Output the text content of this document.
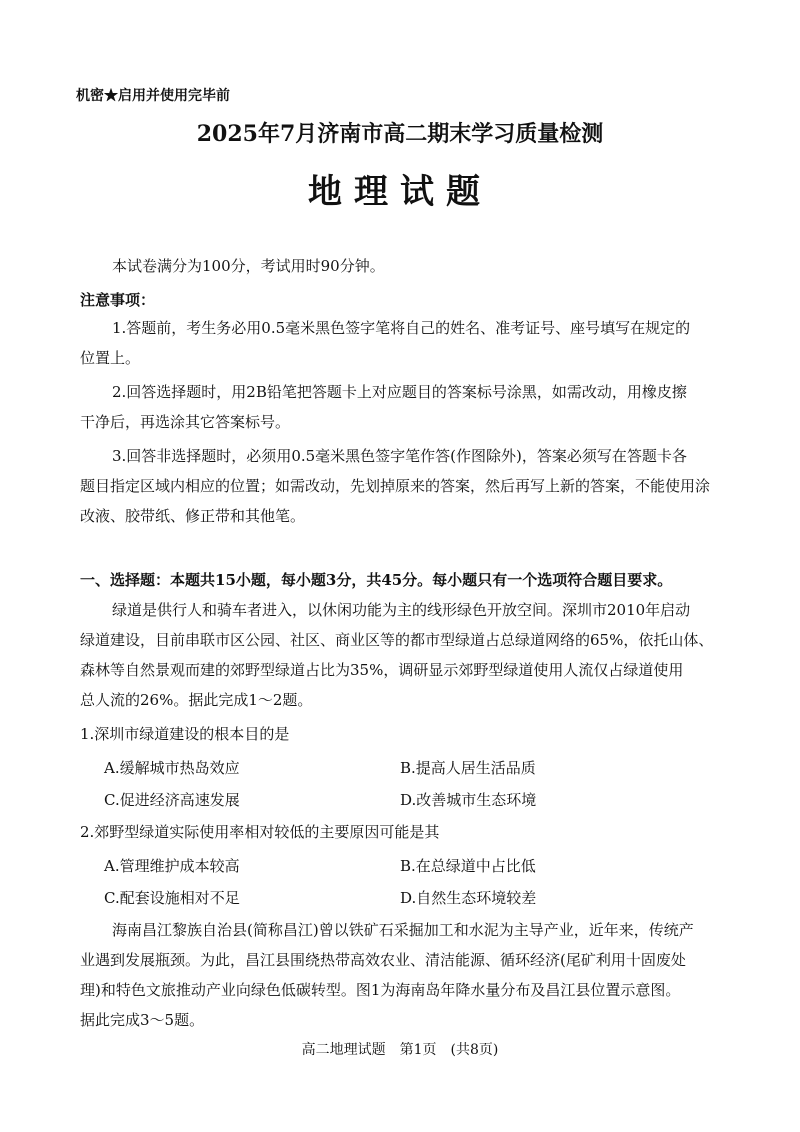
机密★启用并使用完毕前
2025年7月济南市高二期末学习质量检测
地理试题
本试卷满分为100分，考试用时90分钟。
注意事项：
1.答题前，考生务必用0.5毫米黑色签字笔将自己的姓名、准考证号、座号填写在规定的
位置上。
2.回答选择题时，用2B铅笔把答题卡上对应题目的答案标号涂黑，如需改动，用橡皮擦
干净后，再选涂其它答案标号。
3.回答非选择题时，必须用0.5毫米黑色签字笔作答(作图除外)，答案必须写在答题卡各
题目指定区域内相应的位置；如需改动，先划掉原来的答案，然后再写上新的答案，不能使用涂
改液、胶带纸、修正带和其他笔。
一、选择题：本题共15小题，每小题3分，共45分。每小题只有一个选项符合题目要求。
绿道是供行人和骑车者进入，以休闲功能为主的线形绿色开放空间。深圳市2010年启动
绿道建设，目前串联市区公园、社区、商业区等的都市型绿道占总绿道网络的65%，依托山体、
森林等自然景观而建的郊野型绿道占比为35%，调研显示郊野型绿道使用人流仅占绿道使用
总人流的26%。据此完成1～2题。
1.深圳市绿道建设的根本目的是
A.缓解城市热岛效应	B.提高人居生活品质
C.促进经济高速发展	D.改善城市生态环境
2.郊野型绿道实际使用率相对较低的主要原因可能是其
A.管理维护成本较高	B.在总绿道中占比低
C.配套设施相对不足	D.自然生态环境较差
海南昌江黎族自治县(简称昌江)曾以铁矿石采掘加工和水泥为主导产业，近年来，传统产
业遇到发展瓶颈。为此，昌江县围绕热带高效农业、清洁能源、循环经济(尾矿利用十固废处
理)和特色文旅推动产业向绿色低碳转型。图1为海南岛年降水量分布及昌江县位置示意图。
据此完成3～5题。
高二地理试题　第1页　(共8页)
